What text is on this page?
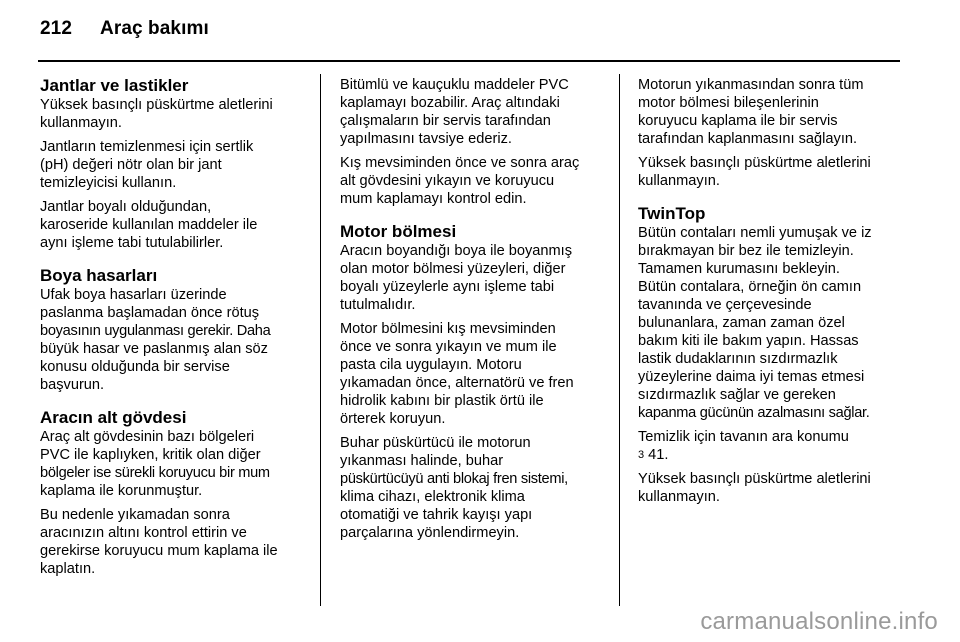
212 Araç bakımı
Jantlar ve lastikler
Yüksek basınçlı püskürtme aletlerini
kullanmayın.
Jantların temizlenmesi için sertlik
(pH) değeri nötr olan bir jant
temizleyicisi kullanın.
Jantlar boyalı olduğundan,
karoseride kullanılan maddeler ile
aynı işleme tabi tutulabilirler.
Boya hasarları
Ufak boya hasarları üzerinde
paslanma başlamadan önce rötuş
boyasının uygulanması gerekir. Daha
büyük hasar ve paslanmış alan söz
konusu olduğunda bir servise
başvurun.
Aracın alt gövdesi
Araç alt gövdesinin bazı bölgeleri
PVC ile kaplıyken, kritik olan diğer
bölgeler ise sürekli koruyucu bir mum
kaplama ile korunmuştur.
Bu nedenle yıkamadan sonra
aracınızın altını kontrol ettirin ve
gerekirse koruyucu mum kaplama ile
kaplatın.
Bitümlü ve kauçuklu maddeler PVC
kaplamayı bozabilir. Araç altındaki
çalışmaların bir servis tarafından
yapılmasını tavsiye ederiz.
Kış mevsiminden önce ve sonra araç
alt gövdesini yıkayın ve koruyucu
mum kaplamayı kontrol edin.
Motor bölmesi
Aracın boyandığı boya ile boyanmış
olan motor bölmesi yüzeyleri, diğer
boyalı yüzeylerle aynı işleme tabi
tutulmalıdır.
Motor bölmesini kış mevsiminden
önce ve sonra yıkayın ve mum ile
pasta cila uygulayın. Motoru
yıkamadan önce, alternatörü ve fren
hidrolik kabını bir plastik örtü ile
örterek koruyun.
Buhar püskürtücü ile motorun
yıkanması halinde, buhar
püskürtücüyü anti blokaj fren sistemi,
klima cihazı, elektronik klima
otomatiği ve tahrik kayışı yapı
parçalarına yönlendirmeyin.
Motorun yıkanmasından sonra tüm
motor bölmesi bileşenlerinin
koruyucu kaplama ile bir servis
tarafından kaplanmasını sağlayın.
Yüksek basınçlı püskürtme aletlerini
kullanmayın.
TwinTop
Bütün contaları nemli yumuşak ve iz
bırakmayan bir bez ile temizleyin.
Tamamen kurumasını bekleyin.
Bütün contalara, örneğin ön camın
tavanında ve çerçevesinde
bulunanlara, zaman zaman özel
bakım kiti ile bakım yapın. Hassas
lastik dudaklarının sızdırmazlık
yüzeylerine daima iyi temas etmesi
sızdırmazlık sağlar ve gereken
kapanma gücünün azalmasını sağlar.
Temizlik için tavanın ara konumu
3 41.
Yüksek basınçlı püskürtme aletlerini
kullanmayın.
carmanualsonline.info
